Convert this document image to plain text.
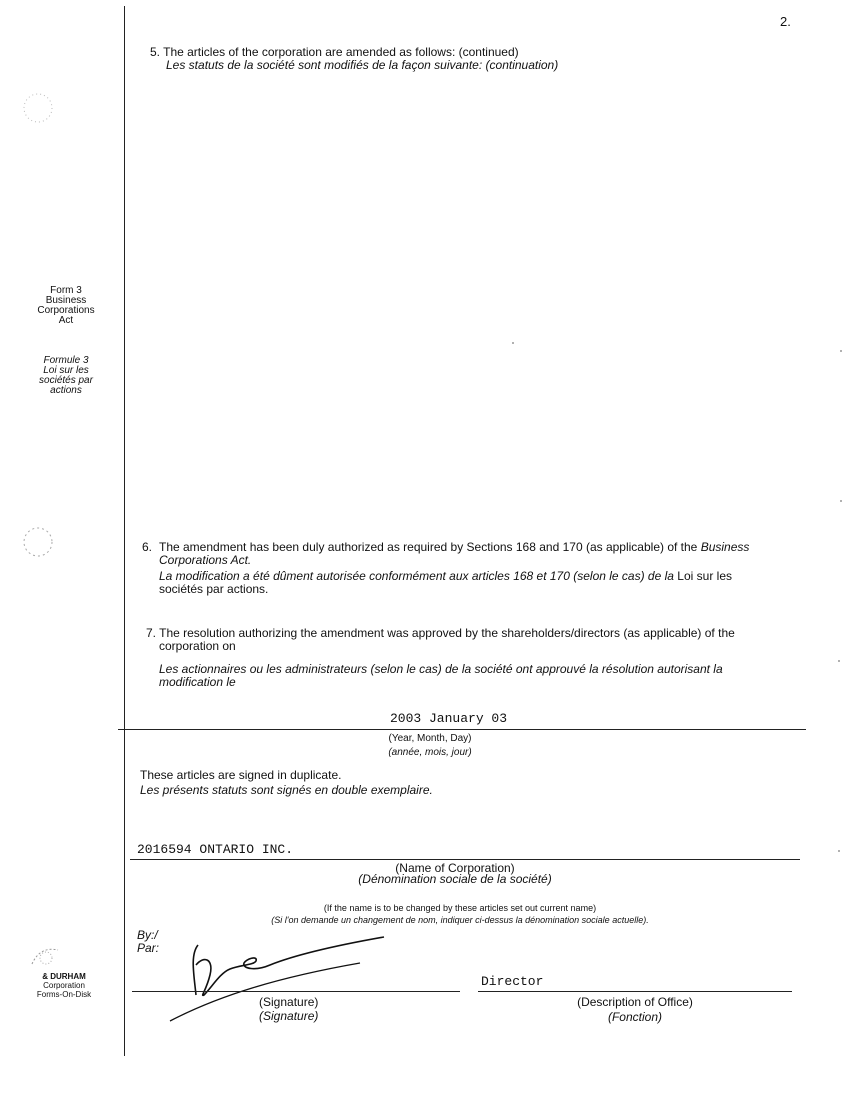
2.
Form 3
Business
Corporations
Act
Formule 3
Loi sur les
sociétés par
actions
& DURHAM
Corporation
Forms-On-Disk
5. The articles of the corporation are amended as follows: (continued)
Les statuts de la société sont modifiés de la façon suivante: (continuation)
6. The amendment has been duly authorized as required by Sections 168 and 170 (as applicable) of the Business
Corporations Act.
La modification a été dûment autorisée conformément aux articles 168 et 170 (selon le cas) de la Loi sur les
sociétés par actions.
7. The resolution authorizing the amendment was approved by the shareholders/directors (as applicable) of the
corporation on
Les actionnaires ou les administrateurs (selon le cas) de la société ont approuvé la résolution autorisant la
modification le
2003 January 03
(Year, Month, Day)
(année, mois, jour)
These articles are signed in duplicate.
Les présents statuts sont signés en double exemplaire.
2016594 ONTARIO INC.
(Name of Corporation)
(Dénomination sociale de la société)
(If the name is to be changed by these articles set out current name)
(Si l'on demande un changement de nom, indiquer ci-dessus la dénomination sociale actuelle).
By:/
Par:
(Signature)
(Signature)
Director
(Description of Office)
(Fonction)
